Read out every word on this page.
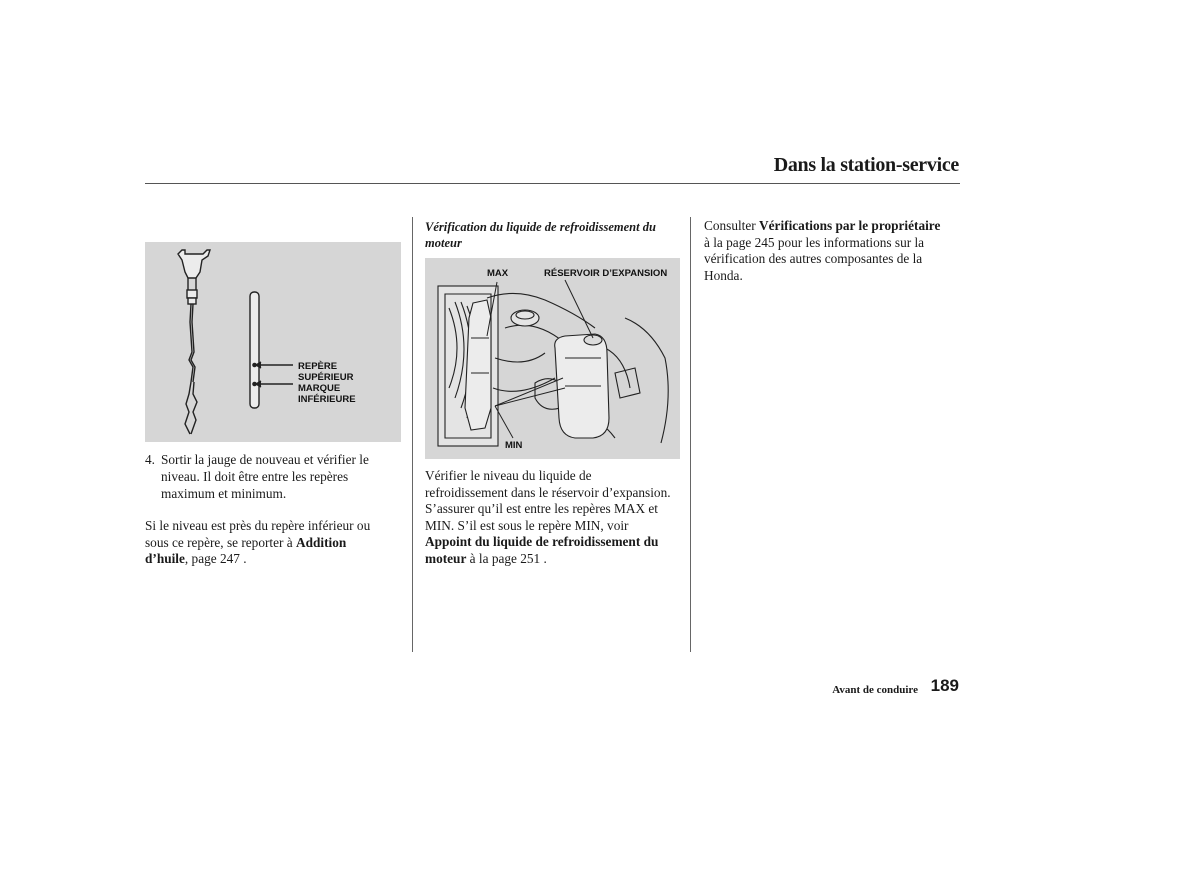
Dans la station-service
REPÈRE
SUPÉRIEUR
MARQUE
INFÉRIEURE
4. Sortir la jauge de nouveau et vérifier le
niveau. Il doit être entre les repères
maximum et minimum.
Si le niveau est près du repère inférieur ou
sous ce repère, se reporter à Addition
d’huile, page 247 .
Vérification du liquide de refroidissement du
moteur
MAX	RÉSERVOIR D’EXPANSION
MIN
Vérifier le niveau du liquide de
refroidissement dans le réservoir d’expansion.
S’assurer qu’il est entre les repères MAX et
MIN. S’il est sous le repère MIN, voir
Appoint du liquide de refroidissement du
moteur à la page 251 .
Consulter Vérifications par le propriétaire
à la page 245 pour les informations sur la
vérification des autres composantes de la
Honda.
Avant de conduire 189
